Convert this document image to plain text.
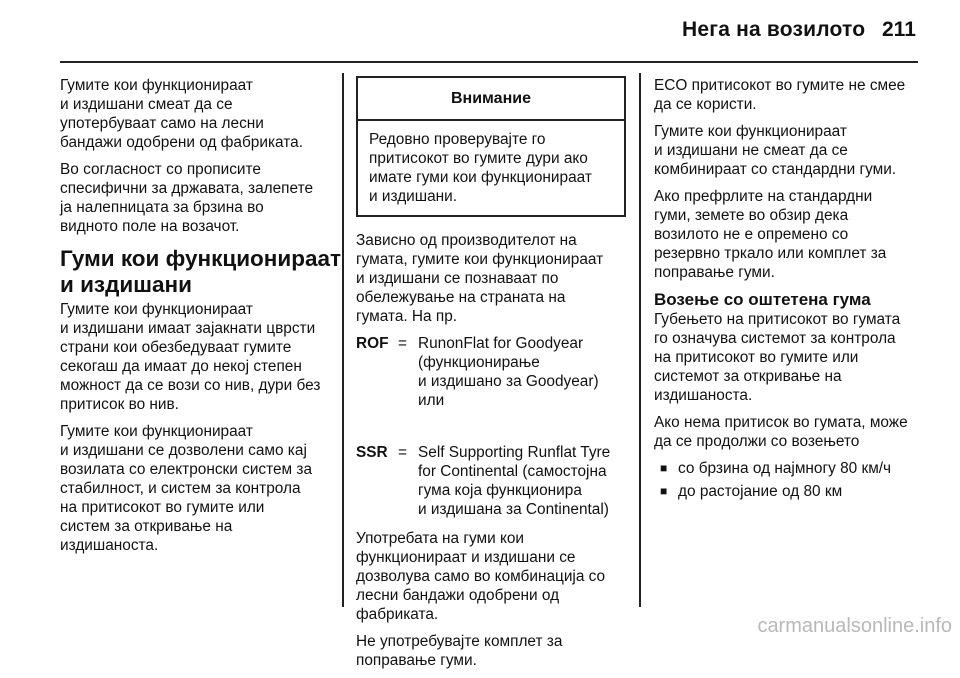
Нега на возилото 211

Гумите кои функционираат
и издишани смеат да се
употербуваат само на лесни
бандажи одобрени од фабриката.

Во согласност со прописите
спесифични за државата, залепете
ја налепницата за брзина во
видното поле на возачот.

Гуми кои функционираат
и издишани

Гумите кои функционираат
и издишани имаат зајакнати цврсти
страни кои обезбедуваат гумите
секогаш да имаат до некој степен
можност да се вози со нив, дури без
притисок во нив.

Гумите кои функционираат
и издишани се дозволени само кај
возилата со електронски систем за
стабилност, и систем за контрола
на притисокот во гумите или
систем за откривање на
издишаноста.

Внимание
Редовно проверувајте го
притисокот во гумите дури ако
имате гуми кои функционираат
и издишани.

Зависно од производителот на
гумата, гумите кои функционираат
и издишани се познаваат по
обележувањe на страната на
гумата. На пр.

ROF = RunonFlat for Goodyear
(функционирање
и издишано за Goodyear)
или
SSR = Self Supporting Runflat Tyre
for Continental (самостојна
гума која функционира
и издишана за Continental)

Употребата на гуми кои
функционираат и издишани се
дозволува само во комбинација со
лесни бандажи одобрени од
фабриката.

Не употребувајте комплет за
поправање гуми.

ECO притисокот во гумите не смее
да се користи.

Гумите кои функционираат
и издишани не смеат да се
комбинираат со стандардни гуми.

Ако префрлите на стандардни
гуми, земете во обзир дека
возилото не е опремено со
резервно тркало или комплет за
поправање гуми.

Возење со оштетена гума

Губењето на притисокот во гумата
го означува системот за контрола
на притисокот во гумите или
системот за откривање на
издишаноста.

Ако нема притисок во гумата, може
да се продолжи со возењето

■ со брзина од најмногу 80 км/ч
■ до растојание од 80 км
carmanualsonline.info
